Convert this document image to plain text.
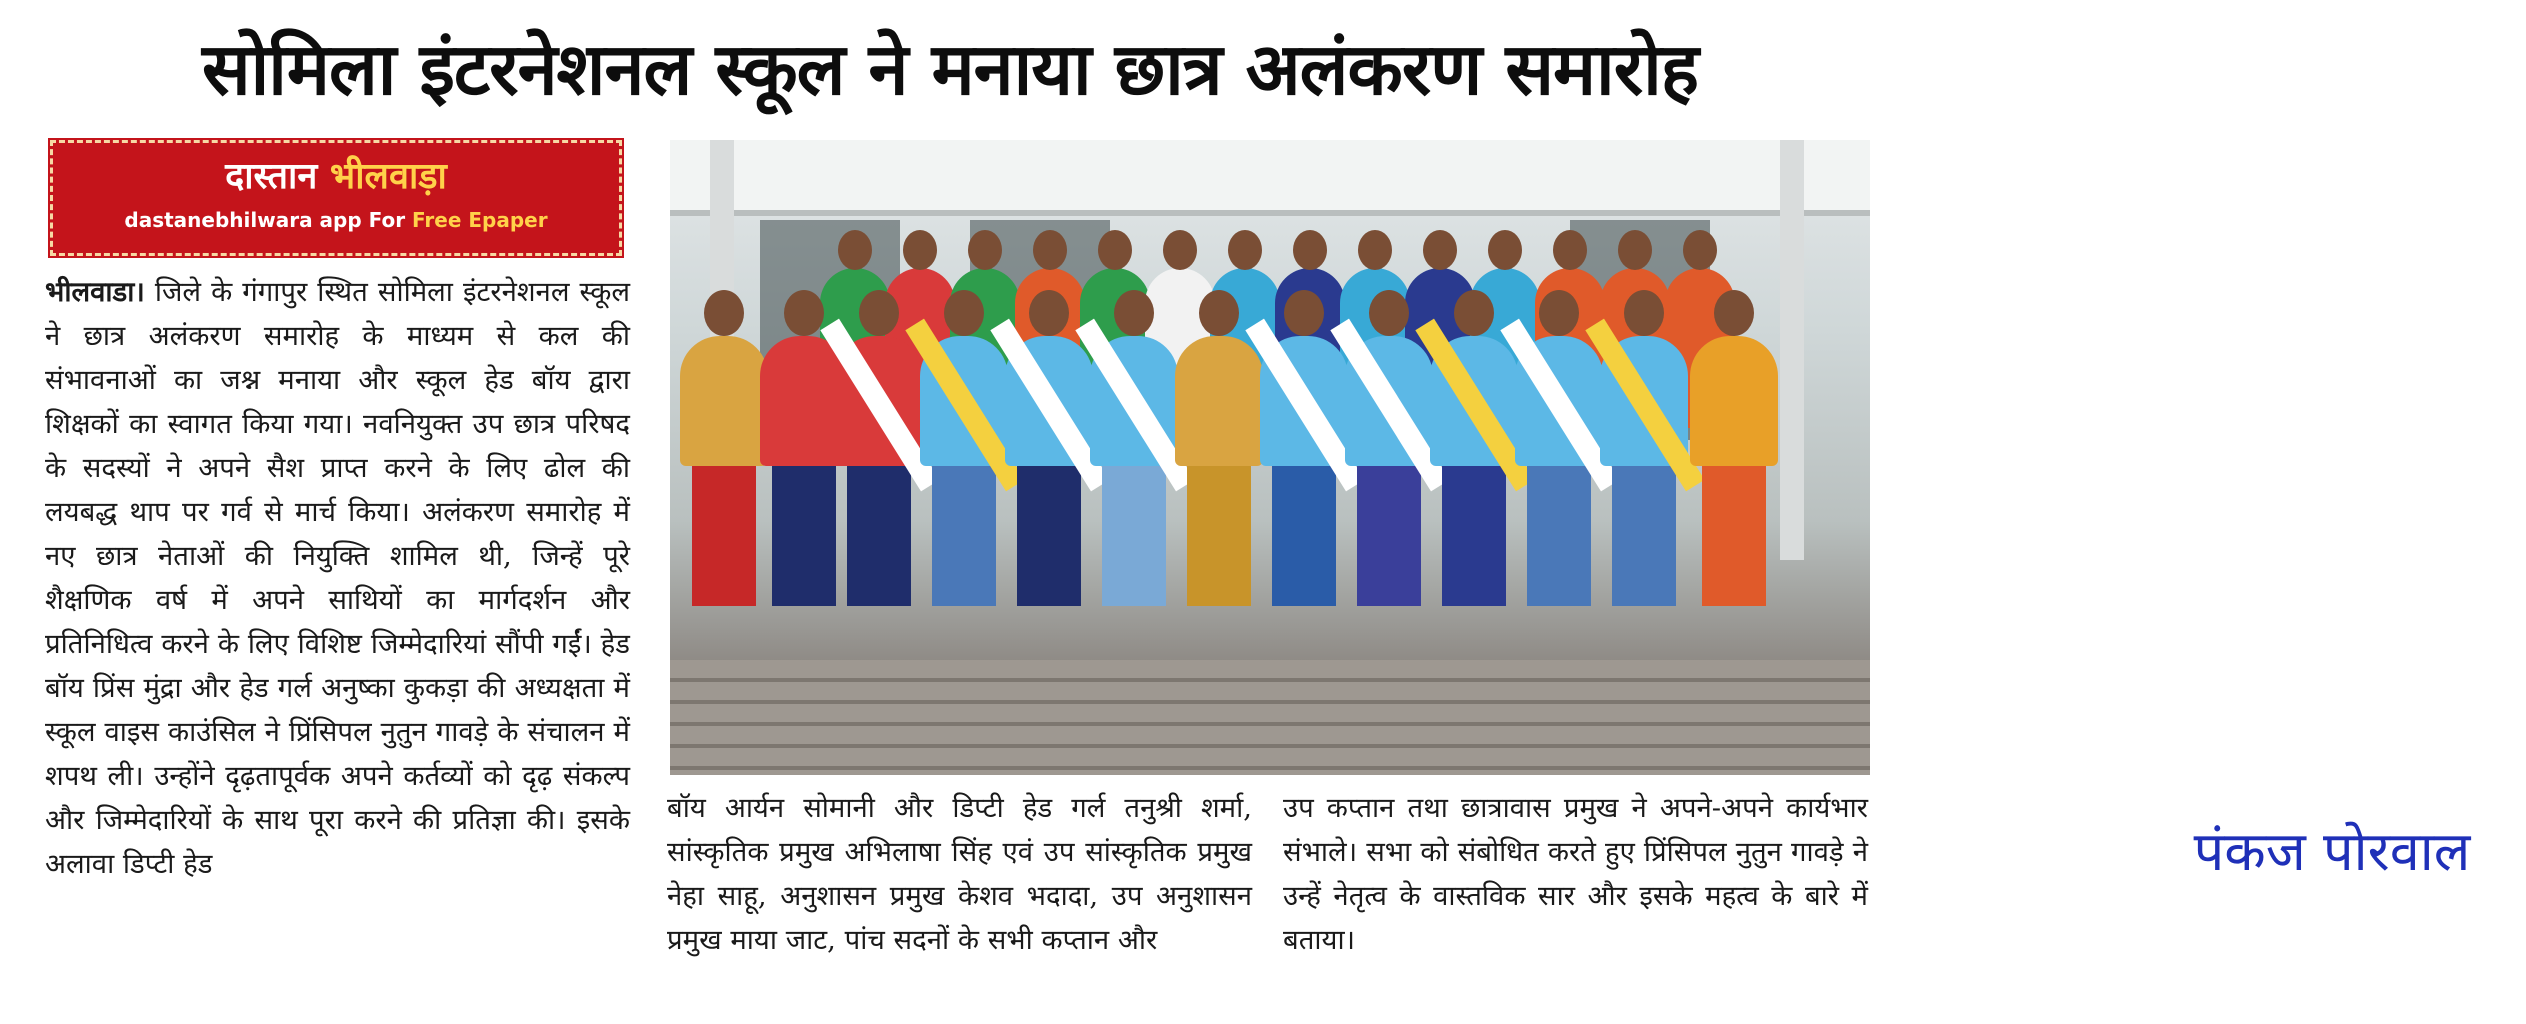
सोमिला इंटरनेशनल स्कूल ने मनाया छात्र अलंकरण समारोह
दास्तान भीलवाड़ा
dastanebhilwara app For Free Epaper
भीलवाडा। जिले के गंगापुर स्थित सोमिला इंटरनेशनल स्कूल ने छात्र अलंकरण समारोह के माध्यम से कल की संभावनाओं का जश्न मनाया और स्कूल हेड बॉय द्वारा शिक्षकों का स्वागत किया गया। नवनियुक्त उप छात्र परिषद के सदस्यों ने अपने सैश प्राप्त करने के लिए ढोल की लयबद्ध थाप पर गर्व से मार्च किया। अलंकरण समारोह में नए छात्र नेताओं की नियुक्ति शामिल थी, जिन्हें पूरे शैक्षणिक वर्ष में अपने साथियों का मार्गदर्शन और प्रतिनिधित्व करने के लिए विशिष्ट जिम्मेदारियां सौंपी गईं। हेड बॉय प्रिंस मुंद्रा और हेड गर्ल अनुष्का कुकड़ा की अध्यक्षता में स्कूल वाइस काउंसिल ने प्रिंसिपल नुतुन गावड़े के संचालन में शपथ ली। उन्होंने दृढ़तापूर्वक अपने कर्तव्यों को दृढ़ संकल्प और जिम्मेदारियों के साथ पूरा करने की प्रतिज्ञा की। इसके अलावा डिप्टी हेड	पंकज पोरवाल
बॉय आर्यन सोमानी और डिप्टी हेड गर्ल तनुश्री शर्मा, सांस्कृतिक प्रमुख अभिलाषा सिंह एवं उप सांस्कृतिक प्रमुख नेहा साहू, अनुशासन प्रमुख केशव भदादा, उप अनुशासन प्रमुख माया जाट, पांच सदनों के सभी कप्तान और
उप कप्तान तथा छात्रावास प्रमुख ने अपने-अपने कार्यभार संभाले। सभा को संबोधित करते हुए प्रिंसिपल नुतुन गावड़े ने उन्हें नेतृत्व के वास्तविक सार और इसके महत्व के बारे में बताया।
